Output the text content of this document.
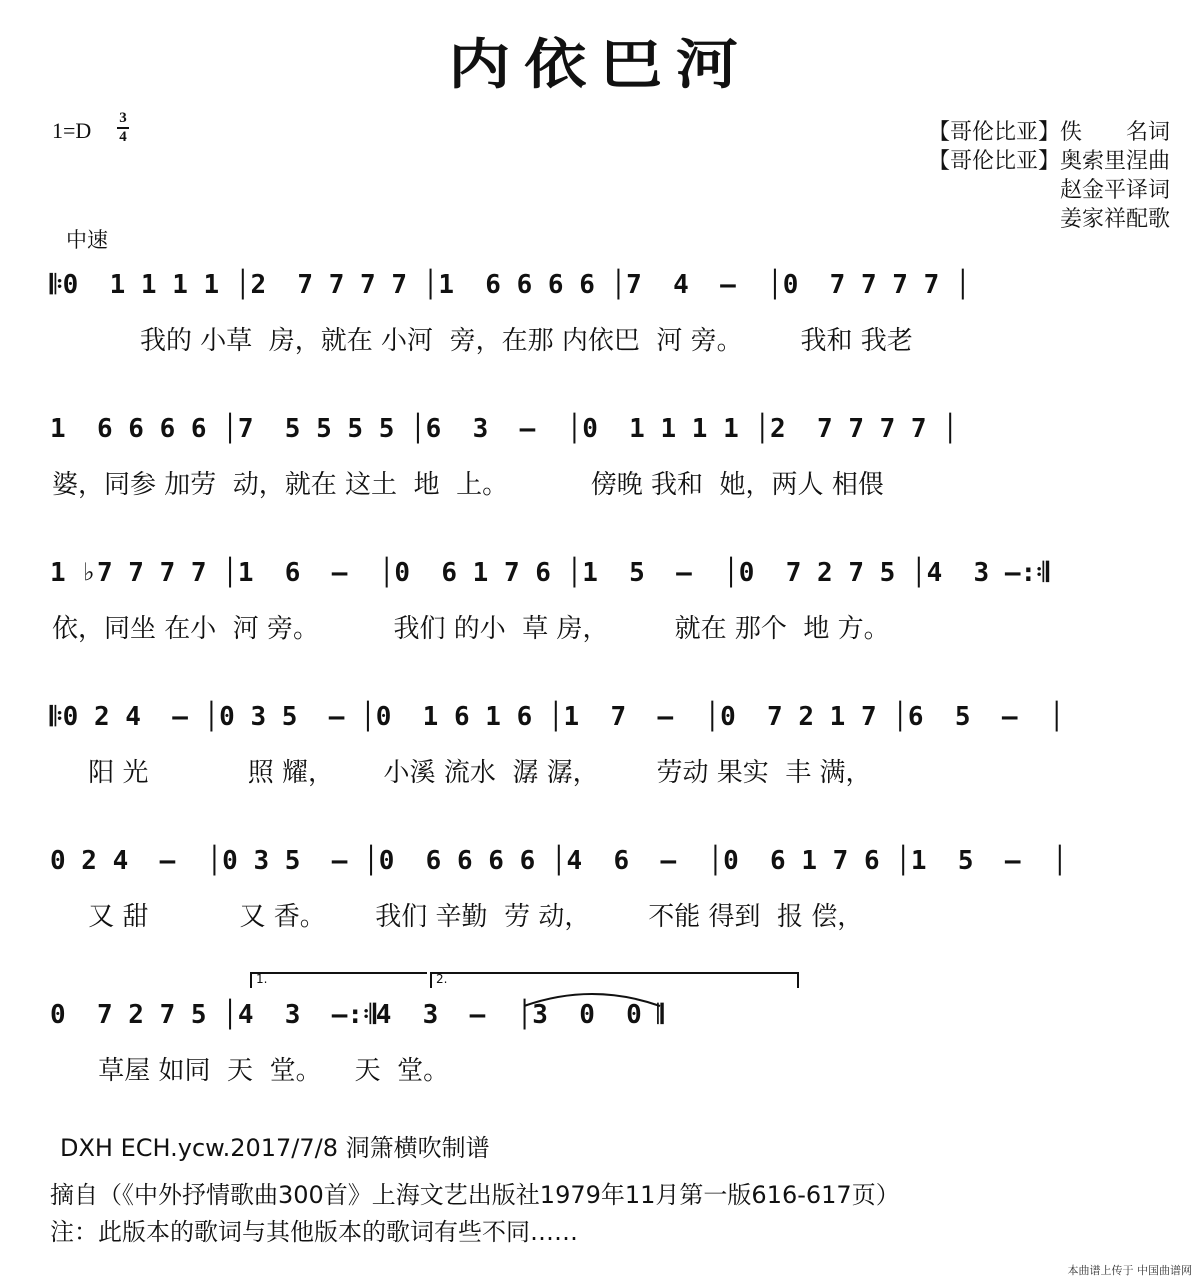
内依巴河
1=D 3
4	【哥伦比亚】佚　　名词
【哥伦比亚】奥索里涅曲
赵金平译词
姜家祥配歌
中速
𝄆0  1 1 1 1 │2  7 7 7 7 │1  6 6 6 6 │7  4  –  │0  7 7 7 7 │
我的 小草  房，就在 小河  旁，在那 内依巴  河 旁。       我和 我老
1  6 6 6 6 │7  5 5 5 5 │6  3  –  │0  1 1 1 1 │2  7 7 7 7 │
婆，同参 加劳  动，就在 这土  地  上。          傍晚 我和  她，两人 相偎
1 ♭7 7 7 7 │1  6  –  │0  6 1 7 6 │1  5  –  │0  7 2 7 5 │4  3 –:𝄇
依，同坐 在小  河 旁。         我们 的小  草 房，        就在 那个  地 方。
𝄆0 2 4  – │0 3 5  – │0  1 6 1 6 │1  7  –  │0  7 2 1 7 │6  5  –  │
阳 光            照 耀，      小溪 流水  潺 潺，       劳动 果实  丰 满，
0 2 4  –  │0 3 5  – │0  6 6 6 6 │4  6  –  │0  6 1 7 6 │1  5  –  │
又 甜           又 香。      我们 辛勤  劳 动，       不能 得到  报 偿，
1.	2.
0  7 2 7 5 │4  3  –:𝄇4  3  –  │3  0  0 𝄂
草屋 如同  天  堂。    天  堂。
DXH ECH.ycw.2017/7/8 洞箫横吹制谱
摘自（《中外抒情歌曲300首》上海文艺出版社1979年11月第一版616-617页）
注：此版本的歌词与其他版本的歌词有些不同……
本曲谱上传于 中国曲谱网
